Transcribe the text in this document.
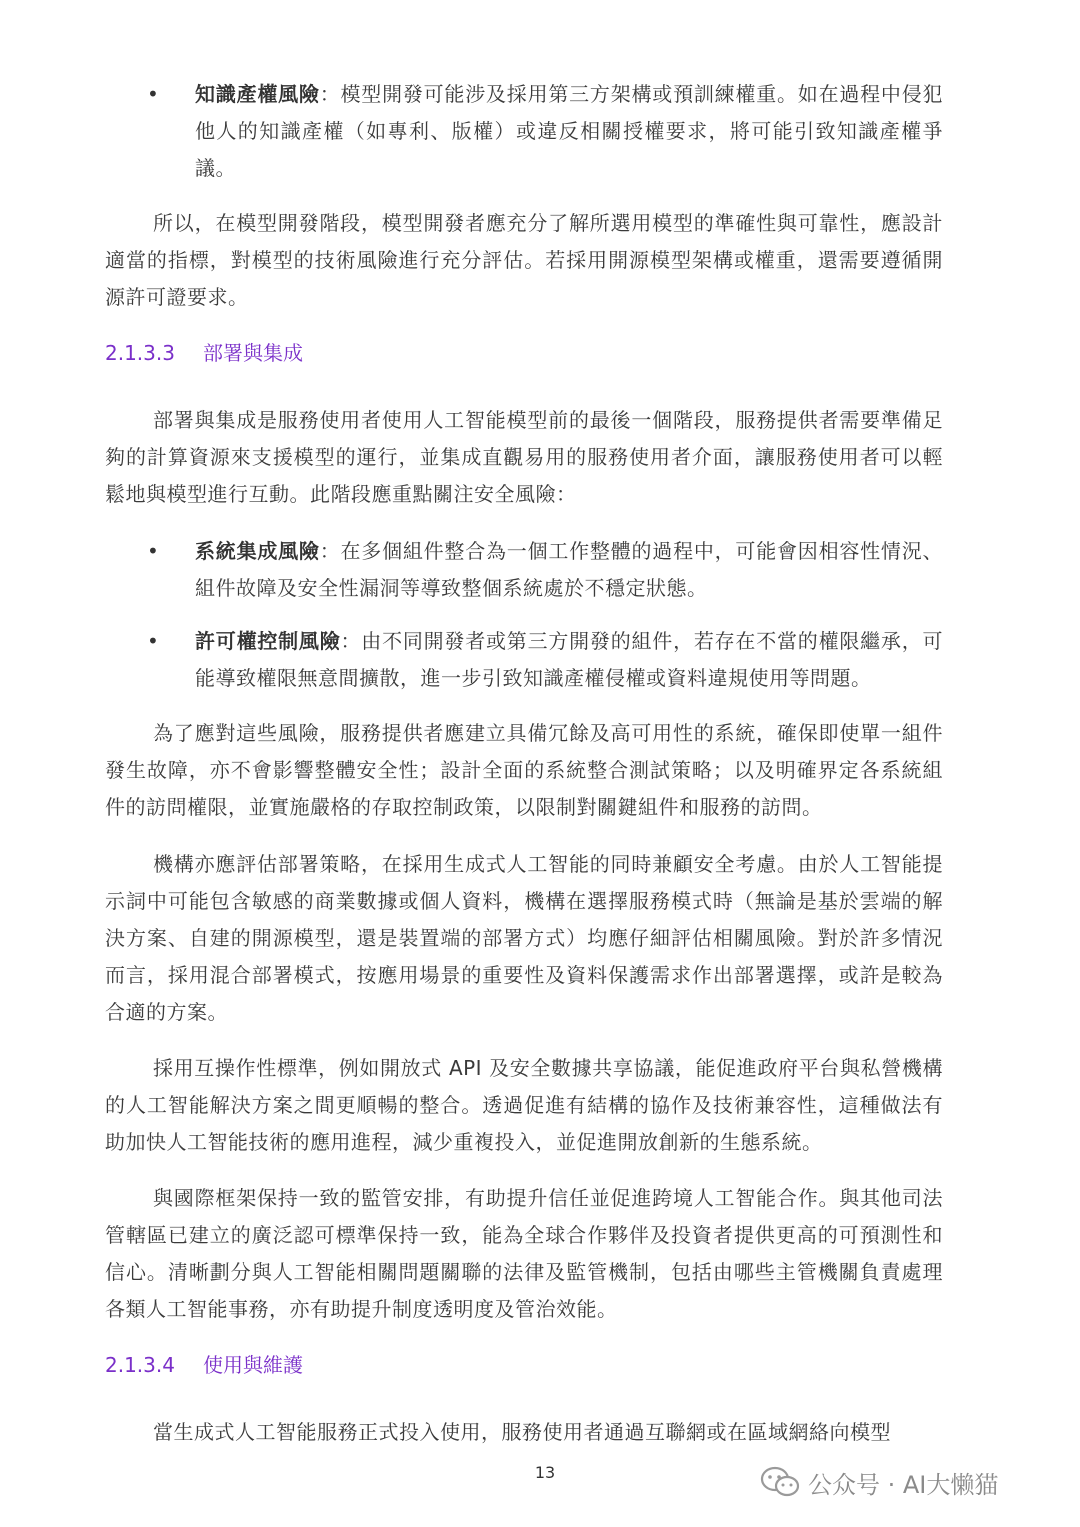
• 知識產權風險：模型開發可能涉及採用第三方架構或預訓練權重。如在過程中侵犯他人的知識產權（如專利、版權）或違反相關授權要求，將可能引致知識產權爭議。

所以，在模型開發階段，模型開發者應充分了解所選用模型的準確性與可靠性，應設計適當的指標，對模型的技術風險進行充分評估。若採用開源模型架構或權重，還需要遵循開源許可證要求。

2.1.3.3 部署與集成

部署與集成是服務使用者使用人工智能模型前的最後一個階段，服務提供者需要準備足夠的計算資源來支援模型的運行，並集成直觀易用的服務使用者介面，讓服務使用者可以輕鬆地與模型進行互動。此階段應重點關注安全風險：

• 系統集成風險：在多個組件整合為一個工作整體的過程中，可能會因相容性情況、組件故障及安全性漏洞等導致整個系統處於不穩定狀態。
• 許可權控制風險：由不同開發者或第三方開發的組件，若存在不當的權限繼承，可能導致權限無意間擴散，進一步引致知識產權侵權或資料違規使用等問題。

為了應對這些風險，服務提供者應建立具備冗餘及高可用性的系統，確保即使單一組件發生故障，亦不會影響整體安全性；設計全面的系統整合測試策略；以及明確界定各系統組件的訪問權限，並實施嚴格的存取控制政策，以限制對關鍵組件和服務的訪問。

機構亦應評估部署策略，在採用生成式人工智能的同時兼顧安全考慮。由於人工智能提示詞中可能包含敏感的商業數據或個人資料，機構在選擇服務模式時（無論是基於雲端的解決方案、自建的開源模型，還是裝置端的部署方式）均應仔細評估相關風險。對於許多情況而言，採用混合部署模式，按應用場景的重要性及資料保護需求作出部署選擇，或許是較為合適的方案。

採用互操作性標準，例如開放式 API 及安全數據共享協議，能促進政府平台與私營機構的人工智能解決方案之間更順暢的整合。透過促進有結構的協作及技術兼容性，這種做法有助加快人工智能技術的應用進程，減少重複投入，並促進開放創新的生態系統。

與國際框架保持一致的監管安排，有助提升信任並促進跨境人工智能合作。與其他司法管轄區已建立的廣泛認可標準保持一致，能為全球合作夥伴及投資者提供更高的可預測性和信心。清晰劃分與人工智能相關問題關聯的法律及監管機制，包括由哪些主管機關負責處理各類人工智能事務，亦有助提升制度透明度及管治效能。

2.1.3.4 使用與維護

當生成式人工智能服務正式投入使用，服務使用者通過互聯網或在區域網絡向模型

13	公众号 · AI大懒猫
